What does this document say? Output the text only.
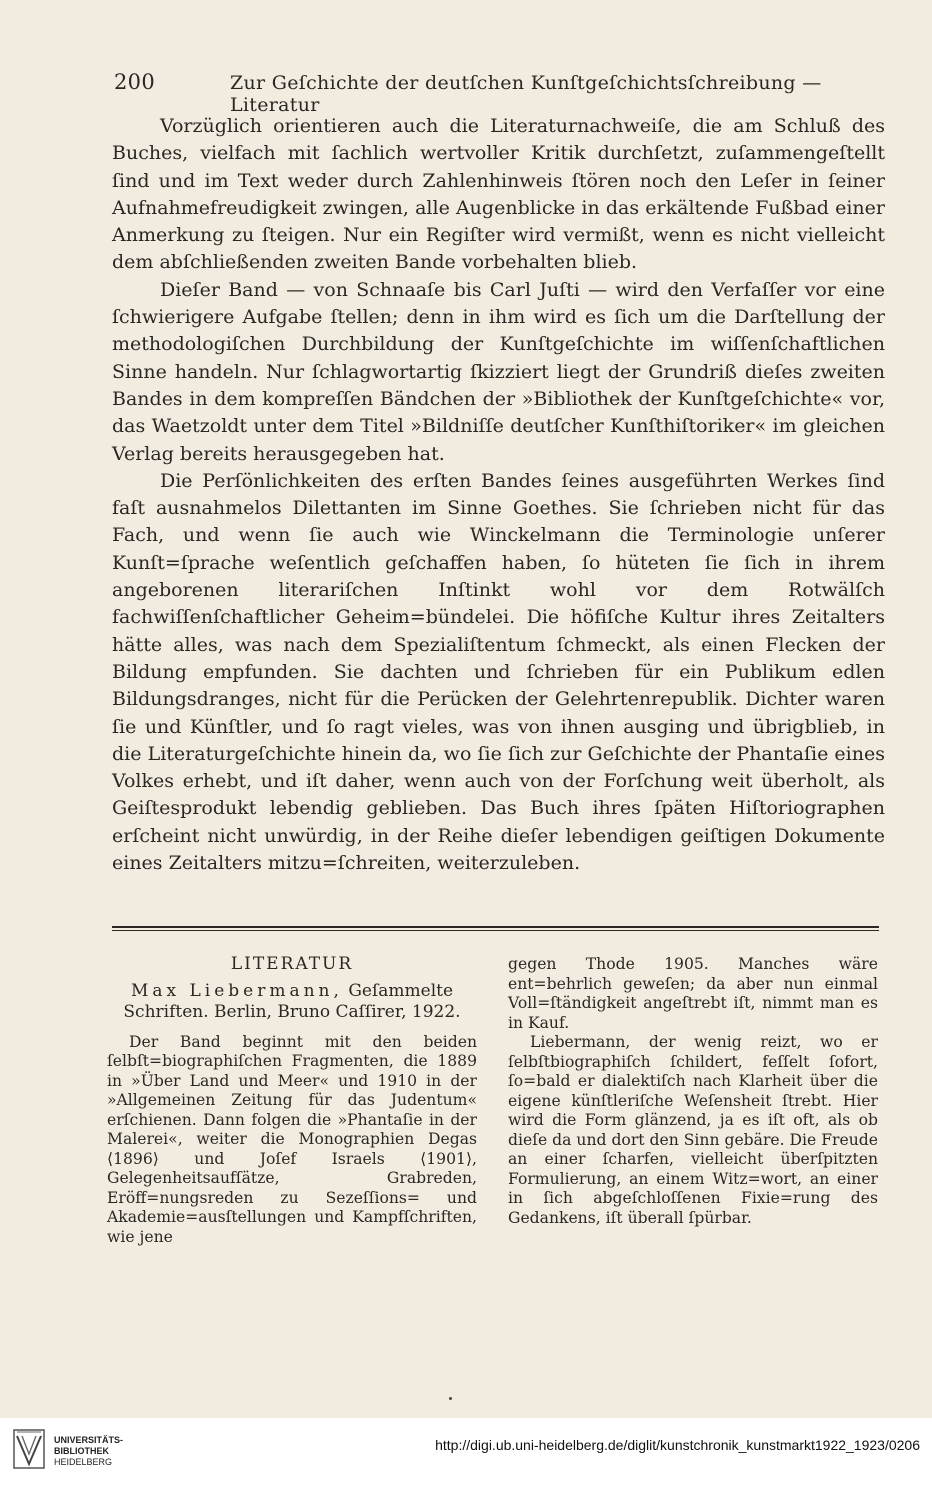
200	Zur Geſchichte der deutſchen Kunſtgeſchichtsſchreibung — Literatur

Vorzüglich orientieren auch die Literaturnachweiſe, die am Schluß des Buches, vielfach mit ſachlich wertvoller Kritik durchſetzt, zuſammengeſtellt ſind und im Text weder durch Zahlenhinweis ſtören noch den Leſer in ſeiner Aufnahmefreudigkeit zwingen, alle Augenblicke in das erkältende Fußbad einer Anmerkung zu ſteigen. Nur ein Regiſter wird vermißt, wenn es nicht vielleicht dem abſchließenden zweiten Bande vorbehalten blieb.

Dieſer Band — von Schnaaſe bis Carl Juſti — wird den Verfaſſer vor eine ſchwierigere Aufgabe ſtellen; denn in ihm wird es ſich um die Darſtellung der methodologiſchen Durchbildung der Kunſtgeſchichte im wiſſenſchaftlichen Sinne handeln. Nur ſchlagwortartig ſkizziert liegt der Grundriß dieſes zweiten Bandes in dem kompreſſen Bändchen der »Bibliothek der Kunſtgeſchichte« vor, das Waetzoldt unter dem Titel »Bildniſſe deutſcher Kunſthiſtoriker« im gleichen Verlag bereits herausgegeben hat.

Die Perſönlichkeiten des erſten Bandes ſeines ausgeführten Werkes ſind faſt ausnahmelos Dilettanten im Sinne Goethes. Sie ſchrieben nicht für das Fach, und wenn ſie auch wie Winckelmann die Terminologie unſerer Kunſt=ſprache weſentlich geſchaffen haben, ſo hüteten ſie ſich in ihrem angeborenen literariſchen Inſtinkt wohl vor dem Rotwälſch fachwiſſenſchaftlicher Geheim=bündelei. Die höfiſche Kultur ihres Zeitalters hätte alles, was nach dem Spezialiſtentum ſchmeckt, als einen Flecken der Bildung empfunden. Sie dachten und ſchrieben für ein Publikum edlen Bildungsdranges, nicht für die Perücken der Gelehrtenrepublik. Dichter waren ſie und Künſtler, und ſo ragt vieles, was von ihnen ausging und übrigblieb, in die Literaturgeſchichte hinein da, wo ſie ſich zur Geſchichte der Phantaſie eines Volkes erhebt, und iſt daher, wenn auch von der Forſchung weit überholt, als Geiſtesprodukt lebendig geblieben. Das Buch ihres ſpäten Hiſtoriographen erſcheint nicht unwürdig, in der Reihe dieſer lebendigen geiſtigen Dokumente eines Zeitalters mitzu=ſchreiten, weiterzuleben.

LITERATUR
Max Liebermann, Geſammelte Schriften. Berlin, Bruno Caſſirer, 1922.

Der Band beginnt mit den beiden ſelbſt=biographiſchen Fragmenten, die 1889 in »Über Land und Meer« und 1910 in der »Allgemeinen Zeitung für das Judentum« erſchienen. Dann folgen die »Phantaſie in der Malerei«, weiter die Monographien Degas ⟨1896⟩ und Joſef Israels ⟨1901⟩, Gelegenheitsaufſätze, Grabreden, Eröff=nungsreden zu Sezeſſions= und Akademie=ausſtellungen und Kampfſchriften, wie jene

gegen Thode 1905. Manches wäre ent=behrlich geweſen; da aber nun einmal Voll=ſtändigkeit angeſtrebt iſt, nimmt man es in Kauf.

Liebermann, der wenig reizt, wo er ſelbſtbiographiſch ſchildert, feſſelt ſofort, ſo=bald er dialektiſch nach Klarheit über die eigene künſtleriſche Weſensheit ſtrebt. Hier wird die Form glänzend, ja es iſt oft, als ob dieſe da und dort den Sinn gebäre. Die Freude an einer ſcharfen, vielleicht überſpitzten Formulierung, an einem Witz=wort, an einer in ſich abgeſchloſſenen Fixie=rung des Gedankens, iſt überall ſpürbar.

UNIVERSITÄTS-
BIBLIOTHEK
HEIDELBERG
http://digi.ub.uni-heidelberg.de/diglit/kunstchronik_kunstmarkt1922_1923/0206
